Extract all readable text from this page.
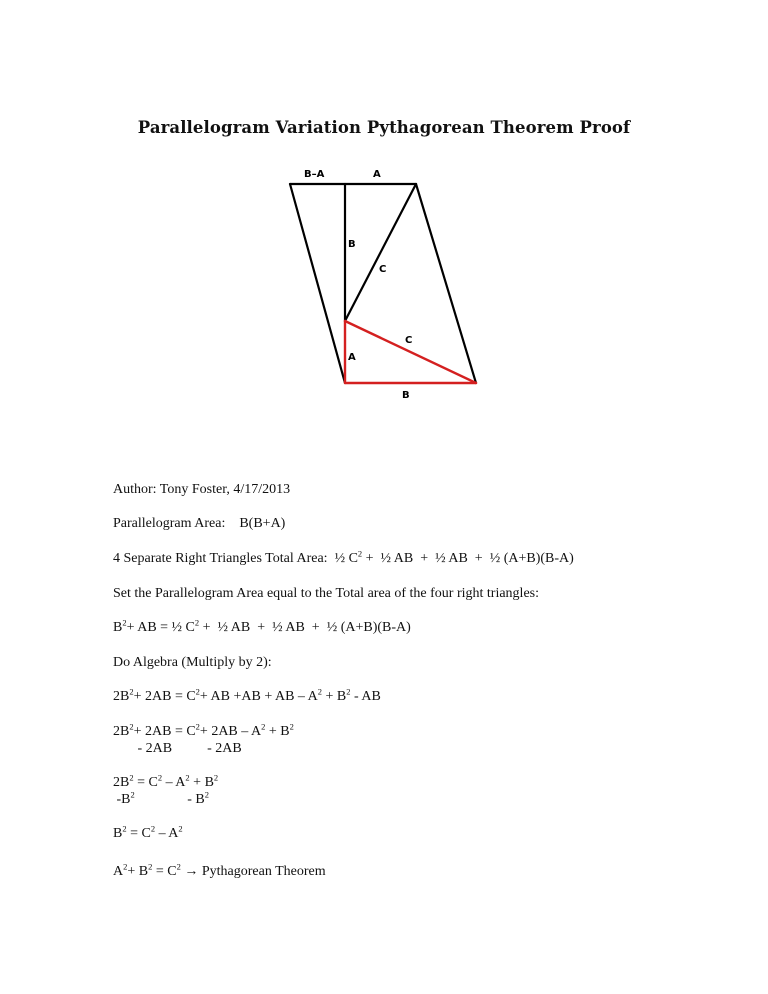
Parallelogram Variation Pythagorean Theorem Proof
B–A	A
B
C
C
A
B
Author: Tony Foster, 4/17/2013
Parallelogram Area:    B(B+A)
4 Separate Right Triangles Total Area:  ½ $C^2$ +  ½ AB  +  ½ AB  +  ½ (A+B)(B-A)
Set the Parallelogram Area equal to the Total area of the four right triangles:
$B^2+$ AB = ½ $C^2$ +  ½ AB  +  ½ AB  +  ½ (A+B)(B-A)
Do Algebra (Multiply by 2):
$2B^2+ 2AB = C^2+$ AB +AB + AB – $A^2 + B^2$ - AB
$2B^2+ 2AB = C^2+ 2AB - A^2 + B^2$
- 2AB          - 2AB
$2B^2 = C^2 - A^2 + B^2$
$-B^2$               - $B^2$
$B^2 = C^2 - A^2$
$A^2+ B^2 = C^2$ → Pythagorean Theorem
